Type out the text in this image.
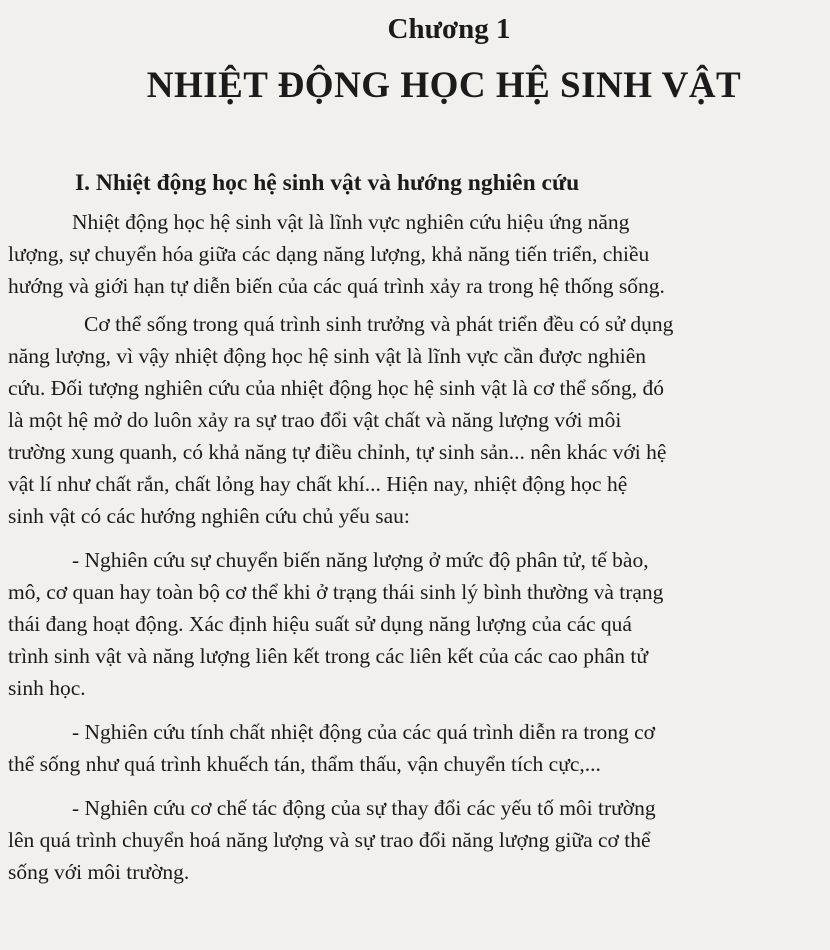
Chương 1
NHIỆT ĐỘNG HỌC HỆ SINH VẬT
I. Nhiệt động học hệ sinh vật và hướng nghiên cứu

Nhiệt động học hệ sinh vật là lĩnh vực nghiên cứu hiệu ứng năng
lượng, sự chuyển hóa giữa các dạng năng lượng, khả năng tiến triển, chiều
hướng và giới hạn tự diễn biến của các quá trình xảy ra trong hệ thống sống.

Cơ thể sống trong quá trình sinh trưởng và phát triển đều có sử dụng
năng lượng, vì vậy nhiệt động học hệ sinh vật là lĩnh vực cần được nghiên
cứu. Đối tượng nghiên cứu của nhiệt động học hệ sinh vật là cơ thể sống, đó
là một hệ mở do luôn xảy ra sự trao đổi vật chất và năng lượng với môi
trường xung quanh, có khả năng tự điều chỉnh, tự sinh sản... nên khác với hệ
vật lí như chất rắn, chất lỏng hay chất khí... Hiện nay, nhiệt động học hệ
sinh vật có các hướng nghiên cứu chủ yếu sau:

- Nghiên cứu sự chuyển biến năng lượng ở mức độ phân tử, tế bào,
mô, cơ quan hay toàn bộ cơ thể khi ở trạng thái sinh lý bình thường và trạng
thái đang hoạt động. Xác định hiệu suất sử dụng năng lượng của các quá
trình sinh vật và năng lượng liên kết trong các liên kết của các cao phân tử
sinh học.

- Nghiên cứu tính chất nhiệt động của các quá trình diễn ra trong cơ
thể sống như quá trình khuếch tán, thẩm thấu, vận chuyển tích cực,...

- Nghiên cứu cơ chế tác động của sự thay đổi các yếu tố môi trường
lên quá trình chuyển hoá năng lượng và sự trao đổi năng lượng giữa cơ thể
sống với môi trường.
